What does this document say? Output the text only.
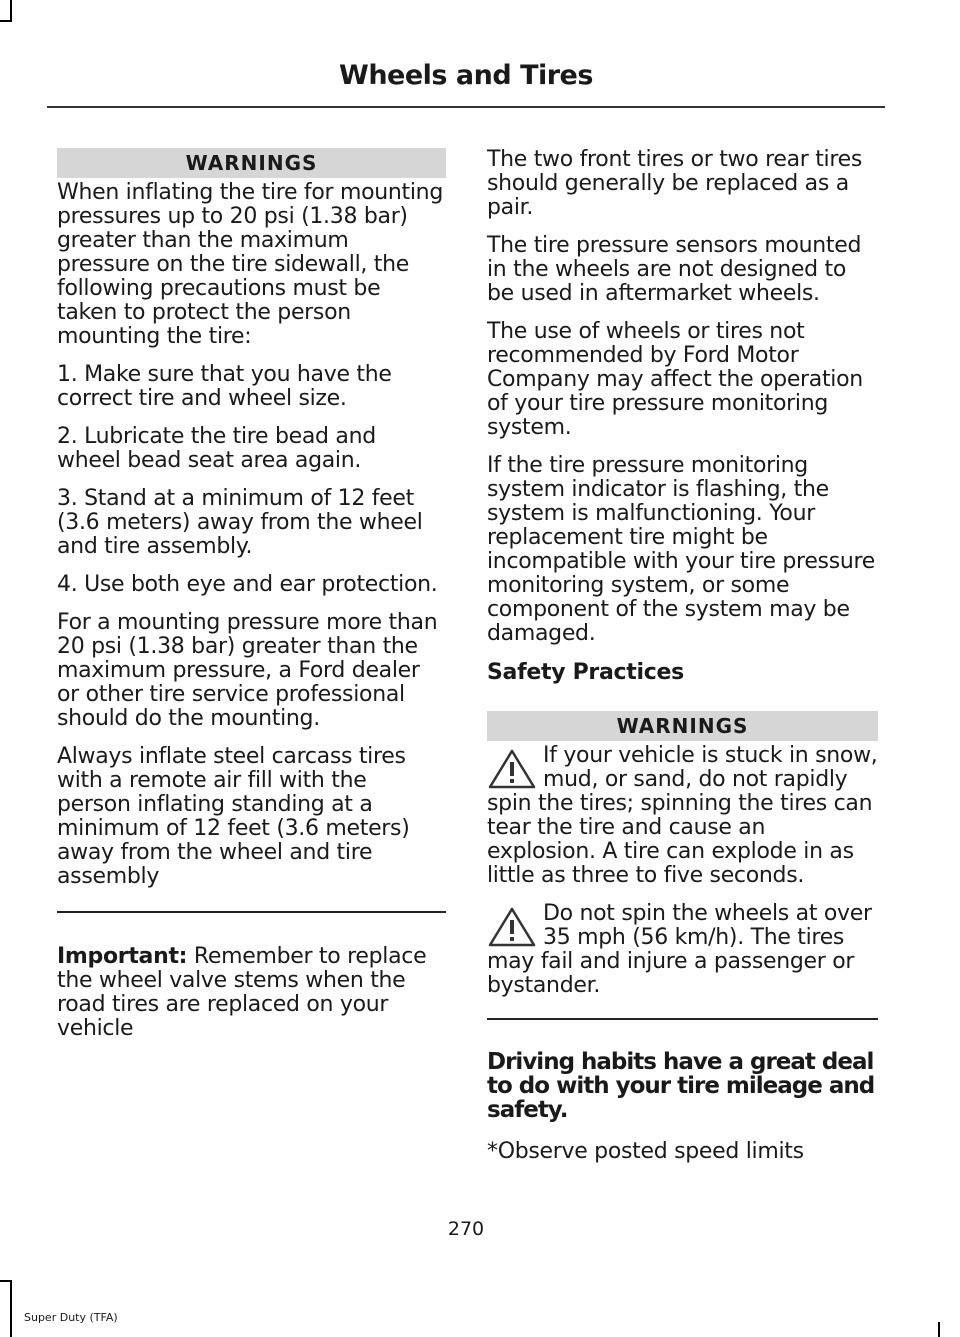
Wheels and Tires
WARNINGS

When inflating the tire for mounting pressures up to 20 psi (1.38 bar) greater than the maximum pressure on the tire sidewall, the following precautions must be taken to protect the person mounting the tire:

1. Make sure that you have the correct tire and wheel size.

2. Lubricate the tire bead and wheel bead seat area again.

3. Stand at a minimum of 12 feet (3.6 meters) away from the wheel and tire assembly.

4. Use both eye and ear protection.

For a mounting pressure more than 20 psi (1.38 bar) greater than the maximum pressure, a Ford dealer or other tire service professional should do the mounting.

Always inflate steel carcass tires with a remote air fill with the person inflating standing at a minimum of 12 feet (3.6 meters) away from the wheel and tire assembly

Important: Remember to replace the wheel valve stems when the road tires are replaced on your vehicle

The two front tires or two rear tires should generally be replaced as a pair.

The tire pressure sensors mounted in the wheels are not designed to be used in aftermarket wheels.

The use of wheels or tires not recommended by Ford Motor Company may affect the operation of your tire pressure monitoring system.

If the tire pressure monitoring system indicator is flashing, the system is malfunctioning. Your replacement tire might be incompatible with your tire pressure monitoring system, or some component of the system may be damaged.

Safety Practices
WARNINGS

If your vehicle is stuck in snow, mud, or sand, do not rapidly spin the tires; spinning the tires can tear the tire and cause an explosion. A tire can explode in as little as three to five seconds.

Do not spin the wheels at over 35 mph (56 km/h). The tires may fail and injure a passenger or bystander.

Driving habits have a great deal to do with your tire mileage and safety.

*Observe posted speed limits

270
Super Duty (TFA)
